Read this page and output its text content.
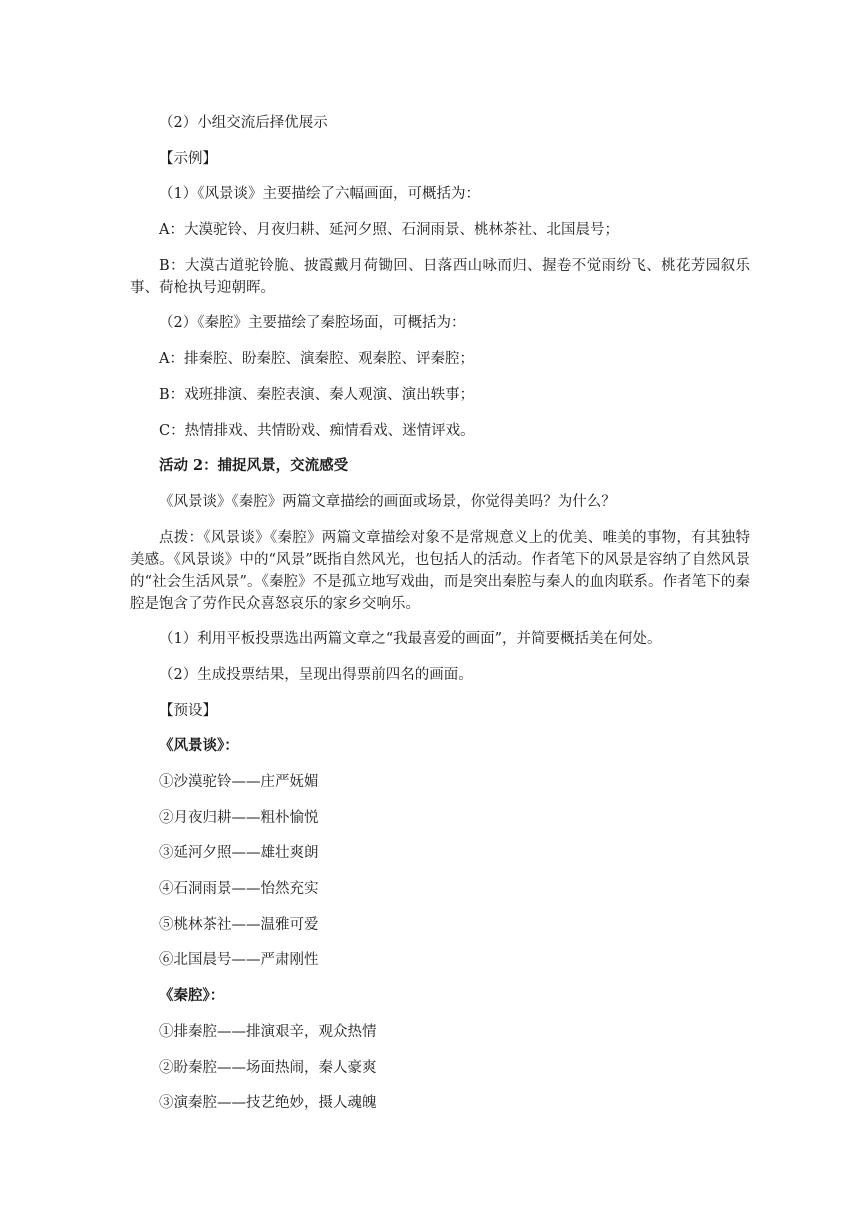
（2）小组交流后择优展示

【示例】

（1）《风景谈》主要描绘了六幅画面，可概括为：

A：大漠驼铃、月夜归耕、延河夕照、石洞雨景、桃林茶社、北国晨号；

B：大漠古道驼铃脆、披霞戴月荷锄回、日落西山咏而归、握卷不觉雨纷飞、桃花芳园叙乐事、荷枪执号迎朝晖。

（2）《秦腔》主要描绘了秦腔场面，可概括为：

A：排秦腔、盼秦腔、演秦腔、观秦腔、评秦腔；

B：戏班排演、秦腔表演、秦人观演、演出轶事；

C：热情排戏、共情盼戏、痴情看戏、迷情评戏。

活动 2：捕捉风景，交流感受

《风景谈》《秦腔》两篇文章描绘的画面或场景，你觉得美吗？为什么？

点拨：《风景谈》《秦腔》两篇文章描绘对象不是常规意义上的优美、唯美的事物，有其独特美感。《风景谈》中的“风景”既指自然风光，也包括人的活动。作者笔下的风景是容纳了自然风景的“社会生活风景”。《秦腔》不是孤立地写戏曲，而是突出秦腔与秦人的血肉联系。作者笔下的秦腔是饱含了劳作民众喜怒哀乐的家乡交响乐。

（1）利用平板投票选出两篇文章之“我最喜爱的画面”，并简要概括美在何处。

（2）生成投票结果，呈现出得票前四名的画面。

【预设】

《风景谈》：

①沙漠驼铃——庄严妩媚

②月夜归耕——粗朴愉悦

③延河夕照——雄壮爽朗

④石洞雨景——怡然充实

⑤桃林茶社——温雅可爱

⑥北国晨号——严肃刚性

《秦腔》：

①排秦腔——排演艰辛，观众热情

②盼秦腔——场面热闹，秦人豪爽

③演秦腔——技艺绝妙，摄人魂魄
